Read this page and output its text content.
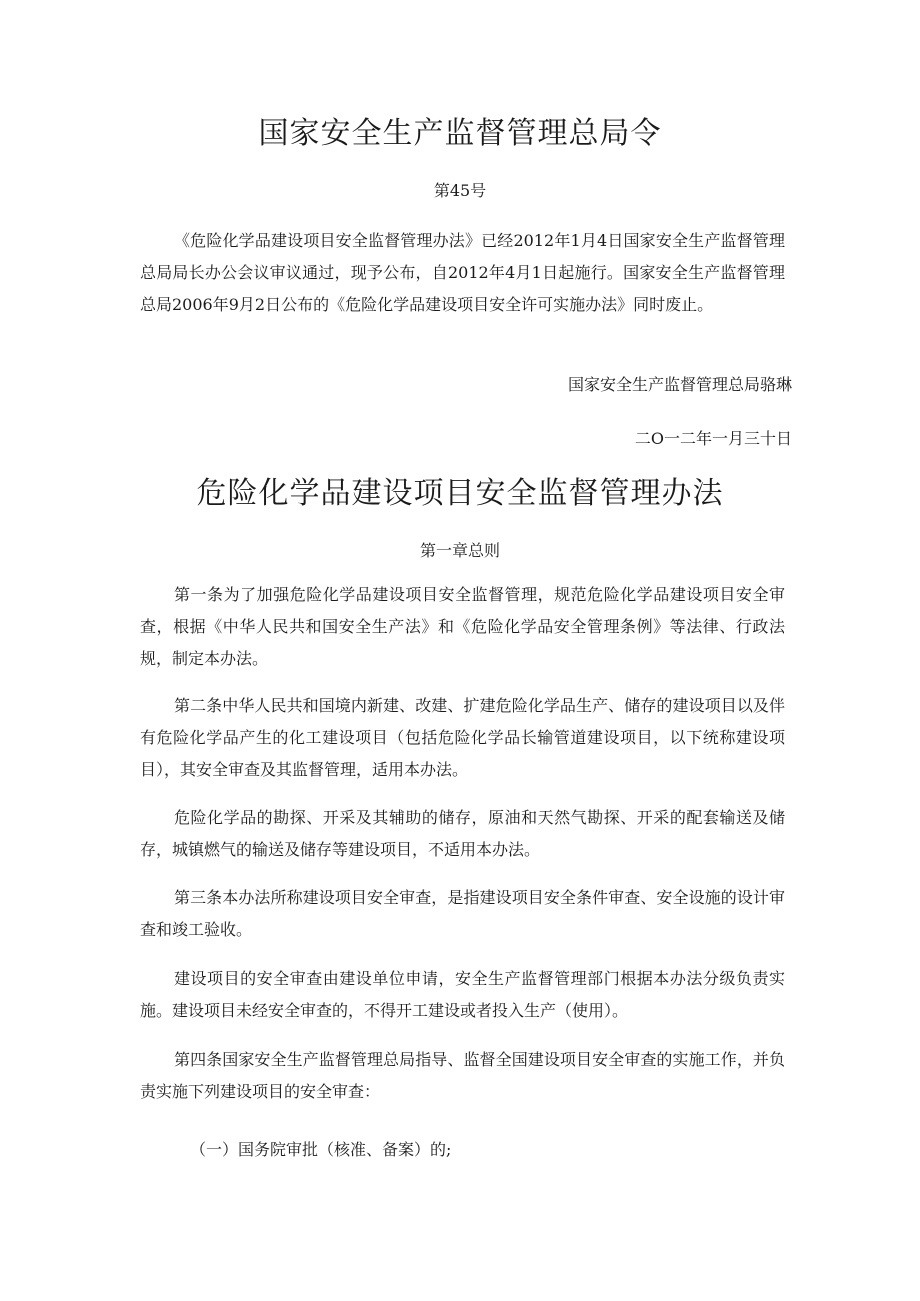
国家安全生产监督管理总局令
第45号

《危险化学品建设项目安全监督管理办法》已经2012年1月4日国家安全生产监督管理总局局长办公会议审议通过，现予公布，自2012年4月1日起施行。国家安全生产监督管理总局2006年9月2日公布的《危险化学品建设项目安全许可实施办法》同时废止。

国家安全生产监督管理总局骆琳
二O一二年一月三十日
危险化学品建设项目安全监督管理办法
第一章总则

第一条为了加强危险化学品建设项目安全监督管理，规范危险化学品建设项目安全审查，根据《中华人民共和国安全生产法》和《危险化学品安全管理条例》等法律、行政法规，制定本办法。

第二条中华人民共和国境内新建、改建、扩建危险化学品生产、储存的建设项目以及伴有危险化学品产生的化工建设项目（包括危险化学品长输管道建设项目，以下统称建设项目），其安全审查及其监督管理，适用本办法。

危险化学品的勘探、开采及其辅助的储存，原油和天然气勘探、开采的配套输送及储存，城镇燃气的输送及储存等建设项目，不适用本办法。

第三条本办法所称建设项目安全审查，是指建设项目安全条件审查、安全设施的设计审查和竣工验收。

建设项目的安全审查由建设单位申请，安全生产监督管理部门根据本办法分级负责实施。建设项目未经安全审查的，不得开工建设或者投入生产（使用）。

第四条国家安全生产监督管理总局指导、监督全国建设项目安全审查的实施工作，并负责实施下列建设项目的安全审查：

（一）国务院审批（核准、备案）的;
